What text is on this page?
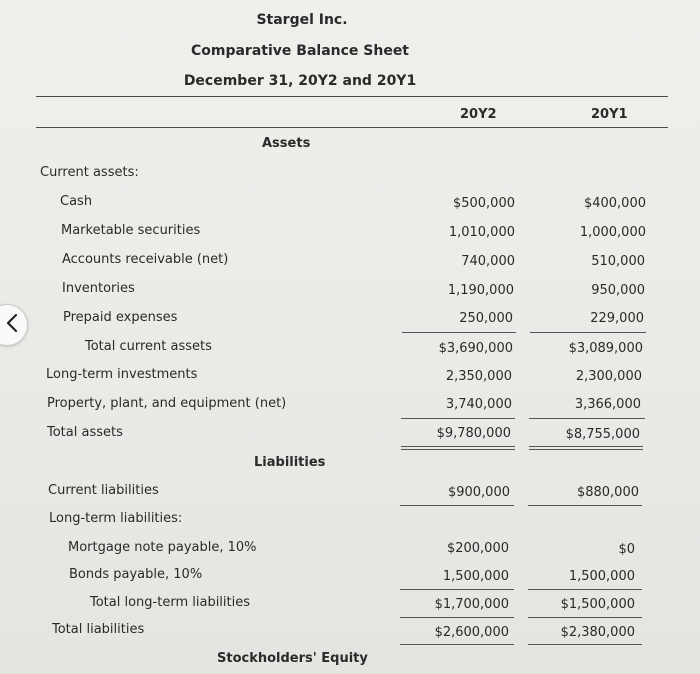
Stargel Inc.
Comparative Balance Sheet
December 31, 20Y2 and 20Y1
20Y2	20Y1
Assets
Current assets:
Cash	$500,000	$400,000
Marketable securities	1,010,000	1,000,000
Accounts receivable (net)	740,000	510,000
Inventories	1,190,000	950,000
Prepaid expenses	250,000	229,000
Total current assets	$3,690,000	$3,089,000
Long-term investments	2,350,000	2,300,000
Property, plant, and equipment (net)	3,740,000	3,366,000
Total assets	$9,780,000	$8,755,000
Liabilities
Current liabilities	$900,000	$880,000
Long-term liabilities:
Mortgage note payable, 10%	$200,000	$0
Bonds payable, 10%	1,500,000	1,500,000
Total long-term liabilities	$1,700,000	$1,500,000
Total liabilities	$2,600,000	$2,380,000
Stockholders' Equity
